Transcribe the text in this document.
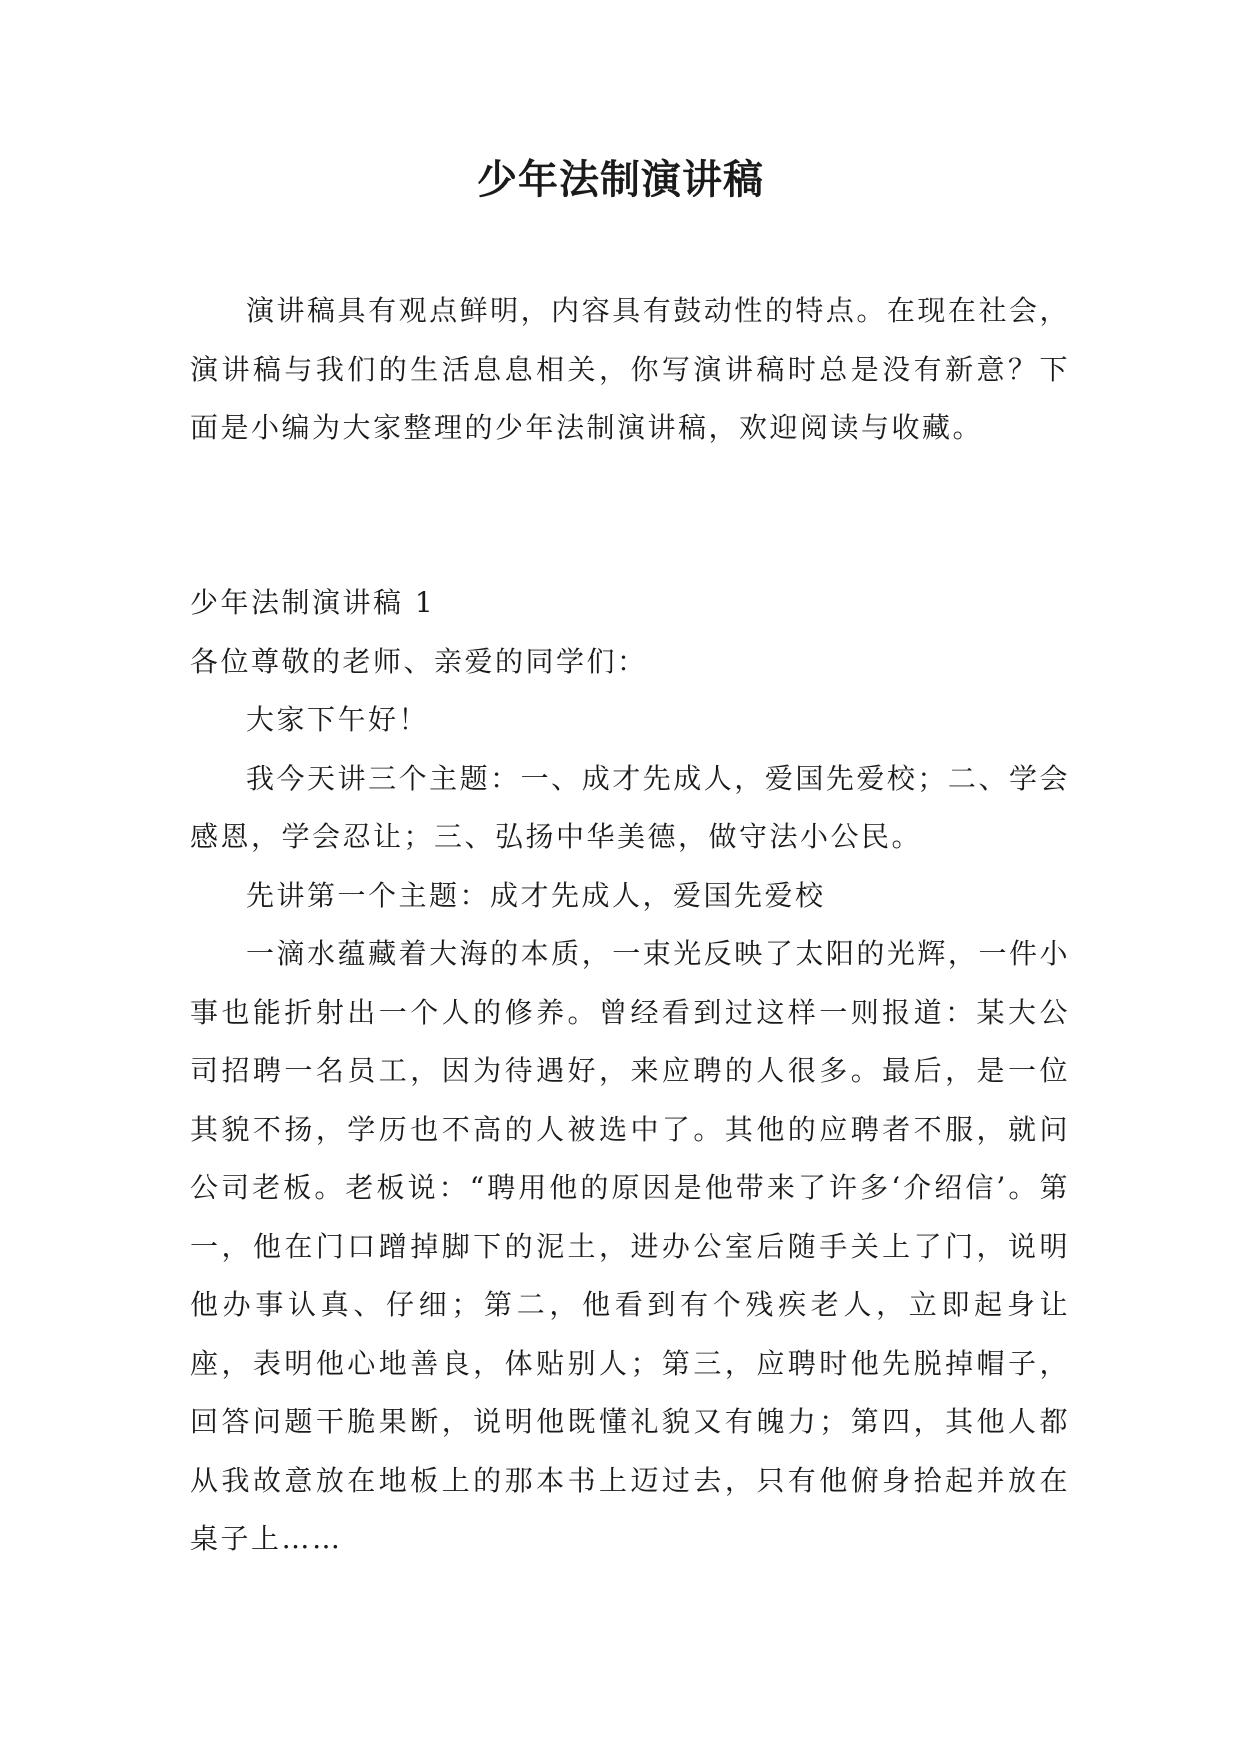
少年法制演讲稿

演讲稿具有观点鲜明，内容具有鼓动性的特点。在现在社会，演讲稿与我们的生活息息相关，你写演讲稿时总是没有新意？下面是小编为大家整理的少年法制演讲稿，欢迎阅读与收藏。

少年法制演讲稿 1

各位尊敬的老师、亲爱的同学们：

大家下午好！

我今天讲三个主题：一、成才先成人，爱国先爱校；二、学会感恩，学会忍让；三、弘扬中华美德，做守法小公民。

先讲第一个主题：成才先成人，爱国先爱校

一滴水蕴藏着大海的本质，一束光反映了太阳的光辉，一件小事也能折射出一个人的修养。曾经看到过这样一则报道：某大公司招聘一名员工，因为待遇好，来应聘的人很多。最后，是一位其貌不扬，学历也不高的人被选中了。其他的应聘者不服，就问公司老板。老板说：“聘用他的原因是他带来了许多‘介绍信’。第一，他在门口蹭掉脚下的泥土，进办公室后随手关上了门，说明他办事认真、仔细；第二，他看到有个残疾老人，立即起身让座，表明他心地善良，体贴别人；第三，应聘时他先脱掉帽子，回答问题干脆果断，说明他既懂礼貌又有魄力；第四，其他人都从我故意放在地板上的那本书上迈过去，只有他俯身拾起并放在桌子上……
